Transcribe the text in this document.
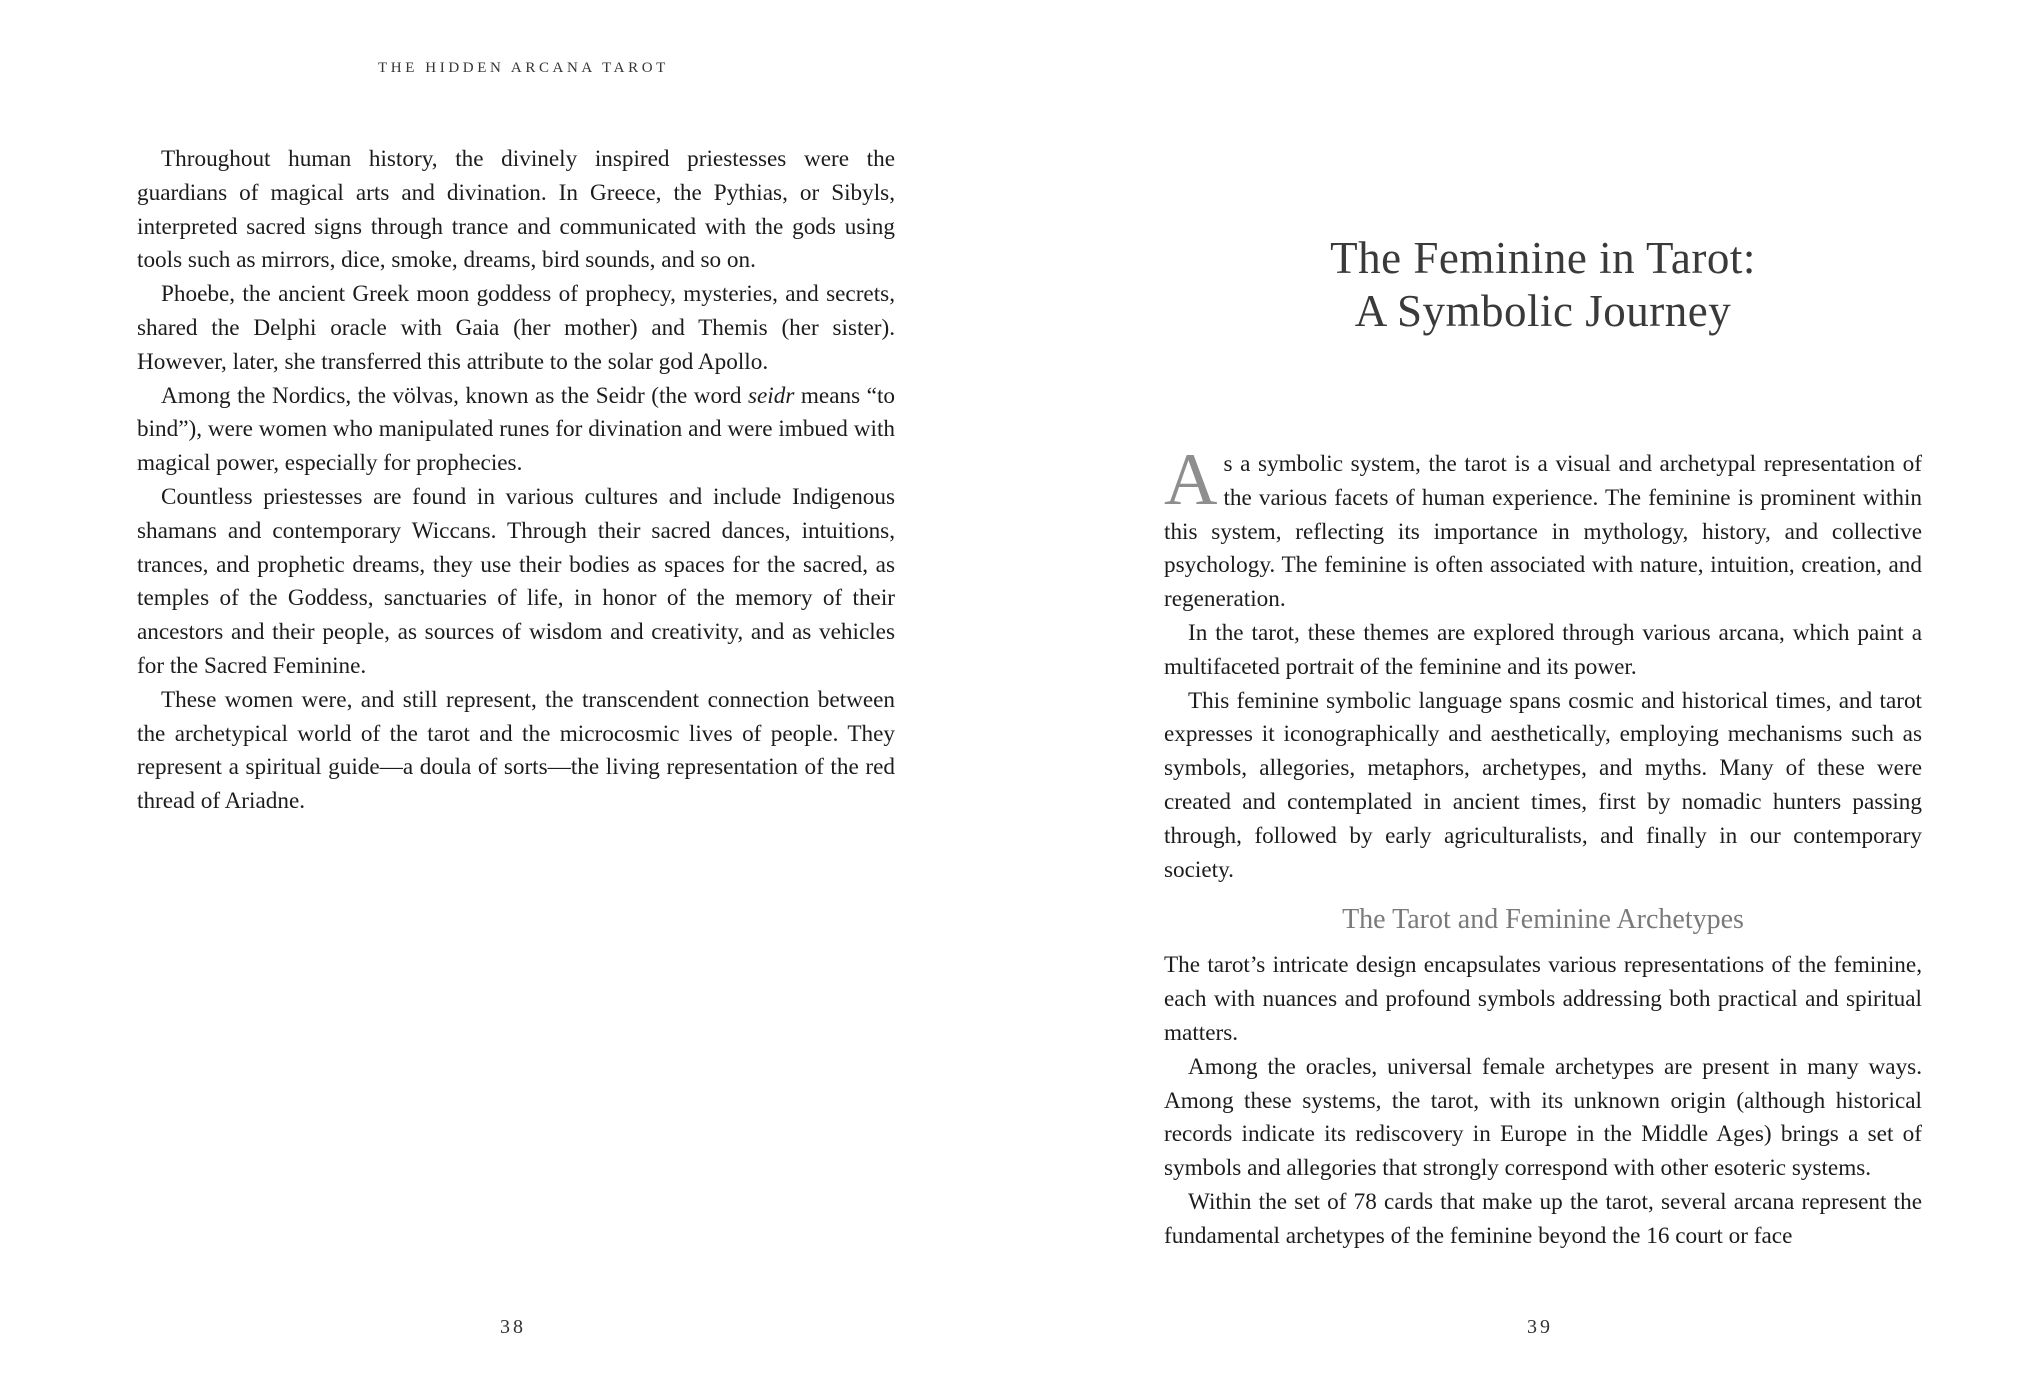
THE HIDDEN ARCANA TAROT

Throughout human history, the divinely inspired priestesses were the guardians of magical arts and divination. In Greece, the Pythias, or Sibyls, interpreted sacred signs through trance and communicated with the gods using tools such as mirrors, dice, smoke, dreams, bird sounds, and so on.

Phoebe, the ancient Greek moon goddess of prophecy, mysteries, and secrets, shared the Delphi oracle with Gaia (her mother) and Themis (her sister). However, later, she transferred this attribute to the solar god Apollo.

Among the Nordics, the völvas, known as the Seidr (the word seidr means “to bind”), were women who manipulated runes for divination and were imbued with magical power, especially for prophecies.

Countless priestesses are found in various cultures and include Indigenous shamans and contemporary Wiccans. Through their sacred dances, intuitions, trances, and prophetic dreams, they use their bodies as spaces for the sacred, as temples of the Goddess, sanctuaries of life, in honor of the memory of their ancestors and their people, as sources of wisdom and creativity, and as vehicles for the Sacred Feminine.

These women were, and still represent, the transcendent connection between the archetypical world of the tarot and the microcosmic lives of people. They represent a spiritual guide—a doula of sorts—the living representation of the red thread of Ariadne.

38
The Feminine in Tarot:
A Symbolic Journey

As a symbolic system, the tarot is a visual and archetypal representation of the various facets of human experience. The feminine is prominent within this system, reflecting its importance in mythology, history, and collective psychology. The feminine is often associated with nature, intuition, creation, and regeneration.

In the tarot, these themes are explored through various arcana, which paint a multifaceted portrait of the feminine and its power.

This feminine symbolic language spans cosmic and historical times, and tarot expresses it iconographically and aesthetically, employing mechanisms such as symbols, allegories, metaphors, archetypes, and myths. Many of these were created and contemplated in ancient times, first by nomadic hunters passing through, followed by early agriculturalists, and finally in our contemporary society.

The Tarot and Feminine Archetypes

The tarot’s intricate design encapsulates various representations of the feminine, each with nuances and profound symbols addressing both practical and spiritual matters.

Among the oracles, universal female archetypes are present in many ways. Among these systems, the tarot, with its unknown origin (although historical records indicate its rediscovery in Europe in the Middle Ages) brings a set of symbols and allegories that strongly correspond with other esoteric systems.

Within the set of 78 cards that make up the tarot, several arcana represent the fundamental archetypes of the feminine beyond the 16 court or face

39
